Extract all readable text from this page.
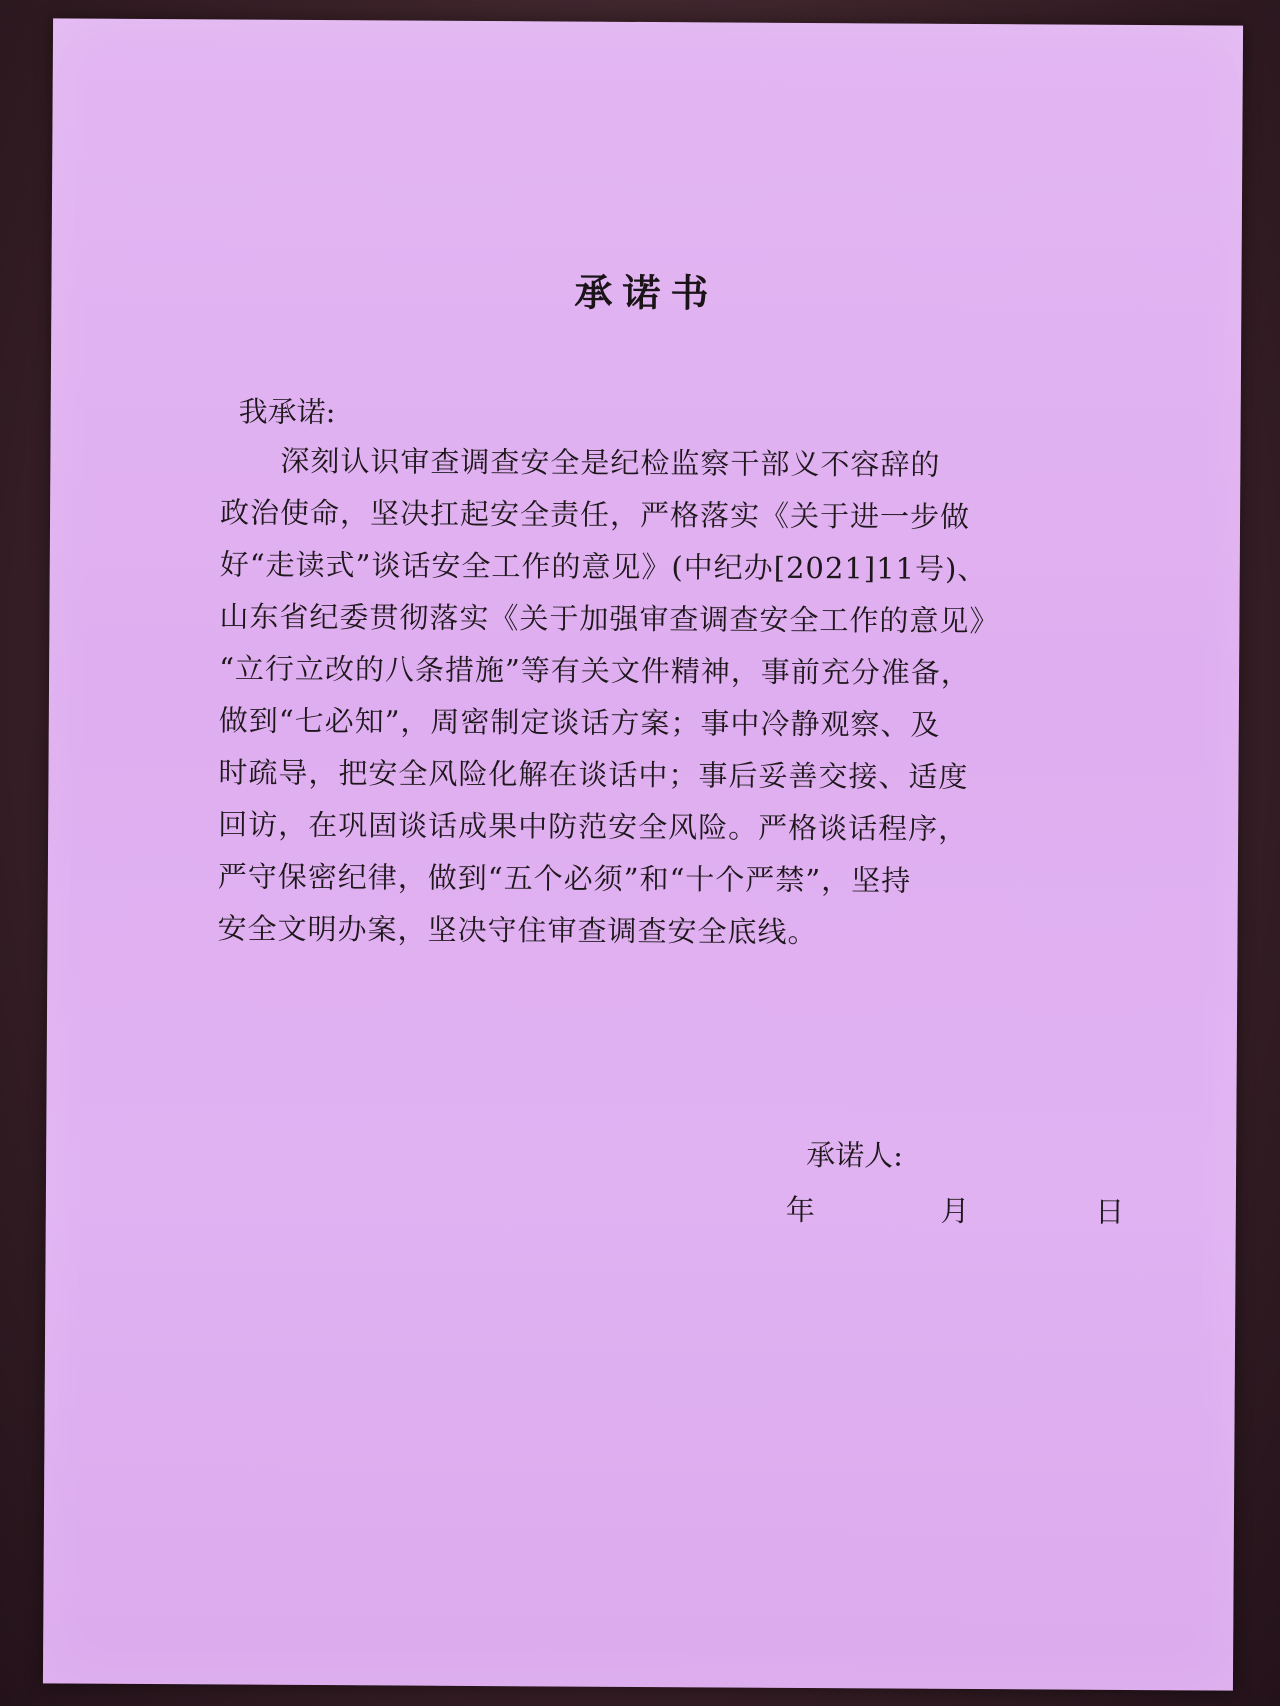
承诺书
我承诺:
深刻认识审查调查安全是纪检监察干部义不容辞的
政治使命，坚决扛起安全责任，严格落实《关于进一步做
好“走读式”谈话安全工作的意见》(中纪办[2021]11号)、
山东省纪委贯彻落实《关于加强审查调查安全工作的意见》
“立行立改的八条措施”等有关文件精神，事前充分准备，
做到“七必知”，周密制定谈话方案；事中冷静观察、及
时疏导，把安全风险化解在谈话中；事后妥善交接、适度
回访，在巩固谈话成果中防范安全风险。严格谈话程序，
严守保密纪律，做到“五个必须”和“十个严禁”，坚持
安全文明办案，坚决守住审查调查安全底线。
承诺人:
年   月   日
